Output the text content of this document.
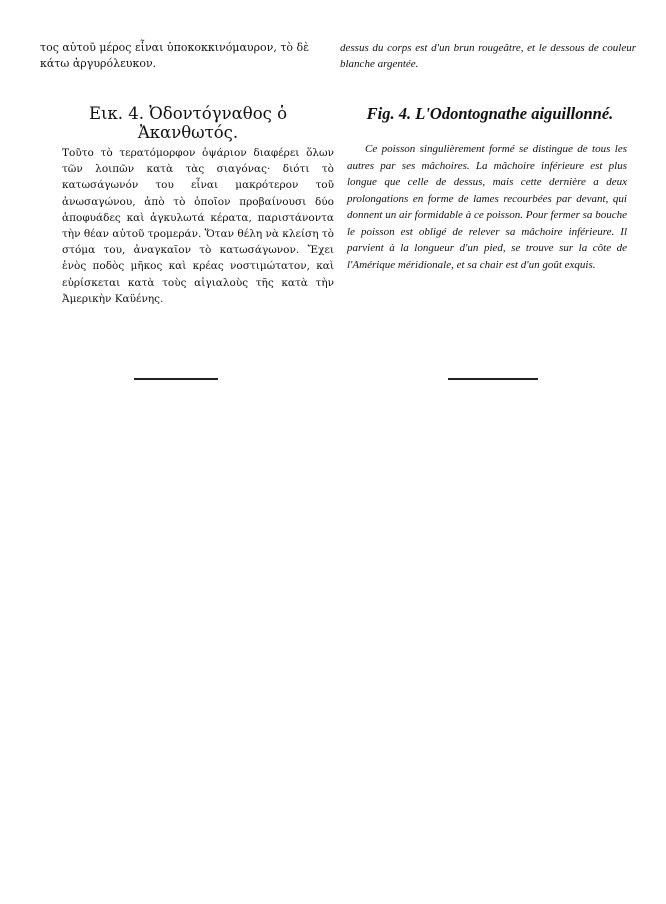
τος αὐτοῦ μέρος εἶναι ὑποκοκκινόμαυρον, τὸ δὲ κάτω ἀργυρόλευκον.

dessus du corps est d'un brun rougeâtre, et le dessous de couleur blanche argentée.

Εικ. 4. Ὀδοντόγναθος ὁ Ἀκανθωτός.
Fig. 4. L'Odontognathe aiguillonné.

Τοῦτο τὸ τερατόμορφον ὀψάριον διαφέρει ὅλων τῶν λοιπῶν κατὰ τὰς σιαγόνας· διότι τὸ κατωσάγωνόν του εἶναι μακρότερον τοῦ ἀνωσαγώνου, ἀπὸ τὸ ὁποῖον προβαίνουσι δύο ἀποφυάδες καὶ ἀγκυλωτά κέρατα, παριστάνοντα τὴν θέαν αὐτοῦ τρομεράν. Ὅταν θέλη νὰ κλείση τὸ στόμα του, ἀναγκαῖον τὸ κατωσάγωνον. Ἔχει ἑνὸς ποδὸς μῆκος καὶ κρέας νοστιμώτατον, καὶ εὑρίσκεται κατὰ τοὺς αἰγιαλοὺς τῆς κατὰ τὴν Ἀμερικὴν Καϋένης.

Ce poisson singulièrement formé se distingue de tous les autres par ses mâchoires. La mâchoire inférieure est plus longue que celle de dessus, mais cette dernière a deux prolongations en forme de lames recourbées par devant, qui donnent un air formidable à ce poisson. Pour fermer sa bouche le poisson est obligé de relever sa mâchoire inférieure. Il parvient à la longueur d'un pied, se trouve sur la côte de l'Amérique méridionale, et sa chair est d'un goût exquis.
